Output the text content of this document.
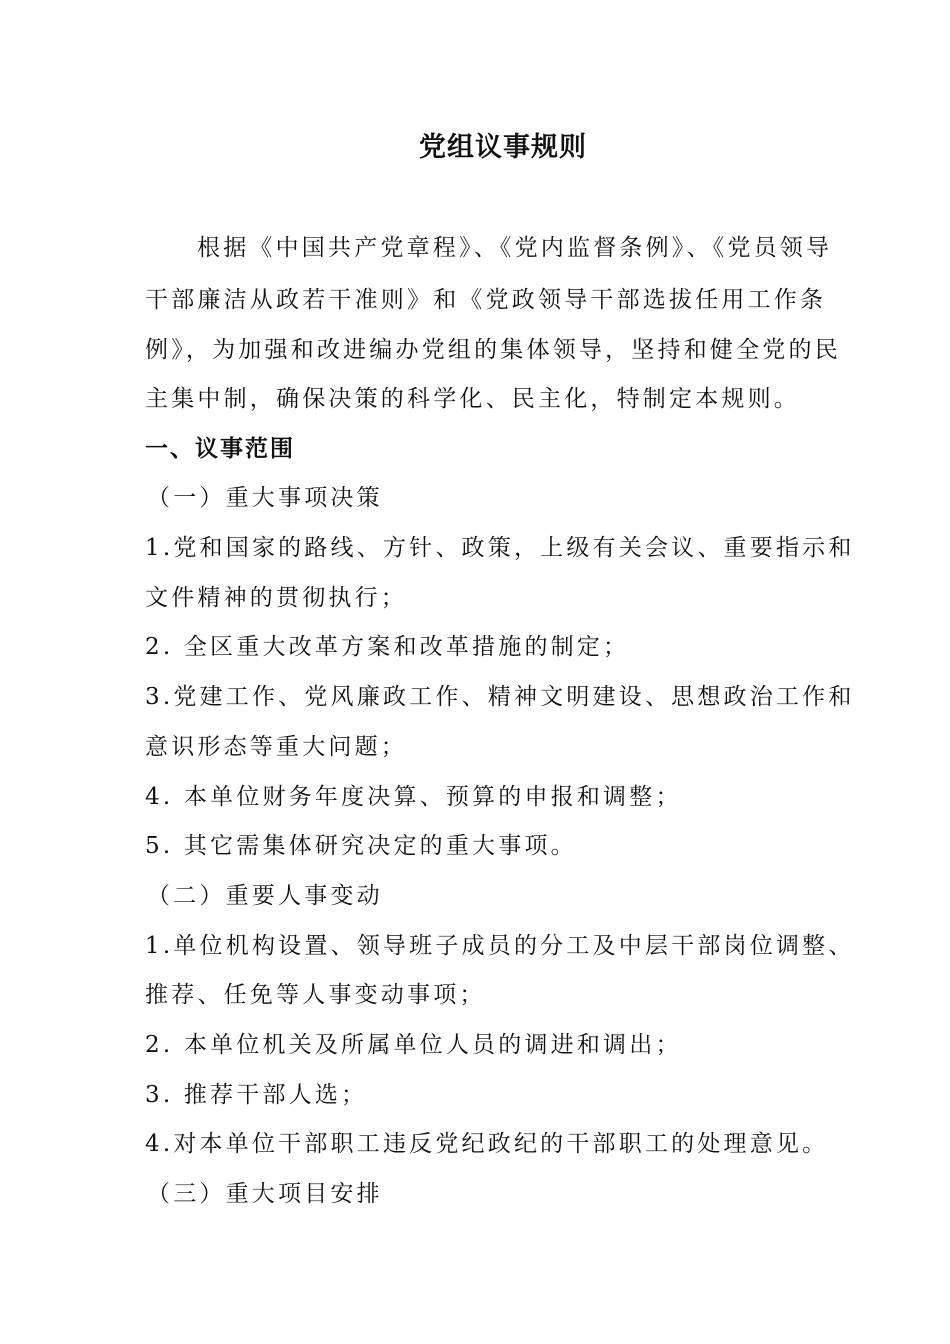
党组议事规则
根据《中国共产党章程》、《党内监督条例》、《党员领导
干部廉洁从政若干准则》和《党政领导干部选拔任用工作条
例》，为加强和改进编办党组的集体领导，坚持和健全党的民
主集中制，确保决策的科学化、民主化，特制定本规则。
一、议事范围
（一）重大事项决策
1.党和国家的路线、方针、政策，上级有关会议、重要指示和
文件精神的贯彻执行；
2. 全区重大改革方案和改革措施的制定；
3.党建工作、党风廉政工作、精神文明建设、思想政治工作和
意识形态等重大问题；
4. 本单位财务年度决算、预算的申报和调整；
5. 其它需集体研究决定的重大事项。
（二）重要人事变动
1.单位机构设置、领导班子成员的分工及中层干部岗位调整、
推荐、任免等人事变动事项；
2. 本单位机关及所属单位人员的调进和调出；
3. 推荐干部人选；
4.对本单位干部职工违反党纪政纪的干部职工的处理意见。
（三）重大项目安排
